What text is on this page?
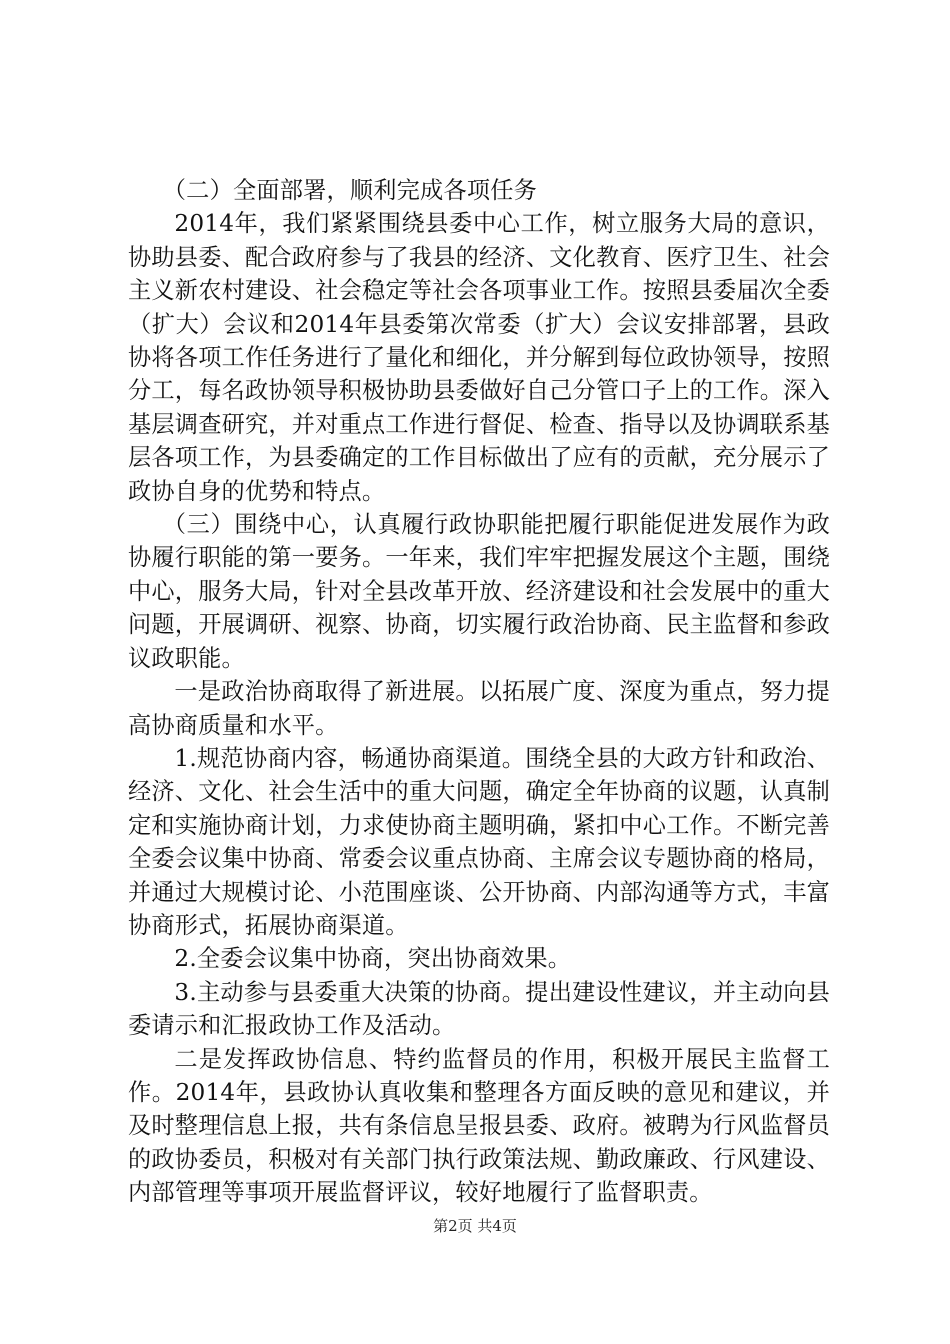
（二）全面部署，顺利完成各项任务

2014年，我们紧紧围绕县委中心工作，树立服务大局的意识，协助县委、配合政府参与了我县的经济、文化教育、医疗卫生、社会主义新农村建设、社会稳定等社会各项事业工作。按照县委届次全委（扩大）会议和2014年县委第次常委（扩大）会议安排部署，县政协将各项工作任务进行了量化和细化，并分解到每位政协领导，按照分工，每名政协领导积极协助县委做好自己分管口子上的工作。深入基层调查研究，并对重点工作进行督促、检查、指导以及协调联系基层各项工作，为县委确定的工作目标做出了应有的贡献，充分展示了政协自身的优势和特点。

（三）围绕中心，认真履行政协职能把履行职能促进发展作为政协履行职能的第一要务。一年来，我们牢牢把握发展这个主题，围绕中心，服务大局，针对全县改革开放、经济建设和社会发展中的重大问题，开展调研、视察、协商，切实履行政治协商、民主监督和参政议政职能。

一是政治协商取得了新进展。以拓展广度、深度为重点，努力提高协商质量和水平。

1.规范协商内容，畅通协商渠道。围绕全县的大政方针和政治、经济、文化、社会生活中的重大问题，确定全年协商的议题，认真制定和实施协商计划，力求使协商主题明确，紧扣中心工作。不断完善全委会议集中协商、常委会议重点协商、主席会议专题协商的格局，并通过大规模讨论、小范围座谈、公开协商、内部沟通等方式，丰富协商形式，拓展协商渠道。

2.全委会议集中协商，突出协商效果。

3.主动参与县委重大决策的协商。提出建设性建议，并主动向县委请示和汇报政协工作及活动。

二是发挥政协信息、特约监督员的作用，积极开展民主监督工作。2014年，县政协认真收集和整理各方面反映的意见和建议，并及时整理信息上报，共有条信息呈报县委、政府。被聘为行风监督员的政协委员，积极对有关部门执行政策法规、勤政廉政、行风建设、内部管理等事项开展监督评议，较好地履行了监督职责。

第2页 共4页
